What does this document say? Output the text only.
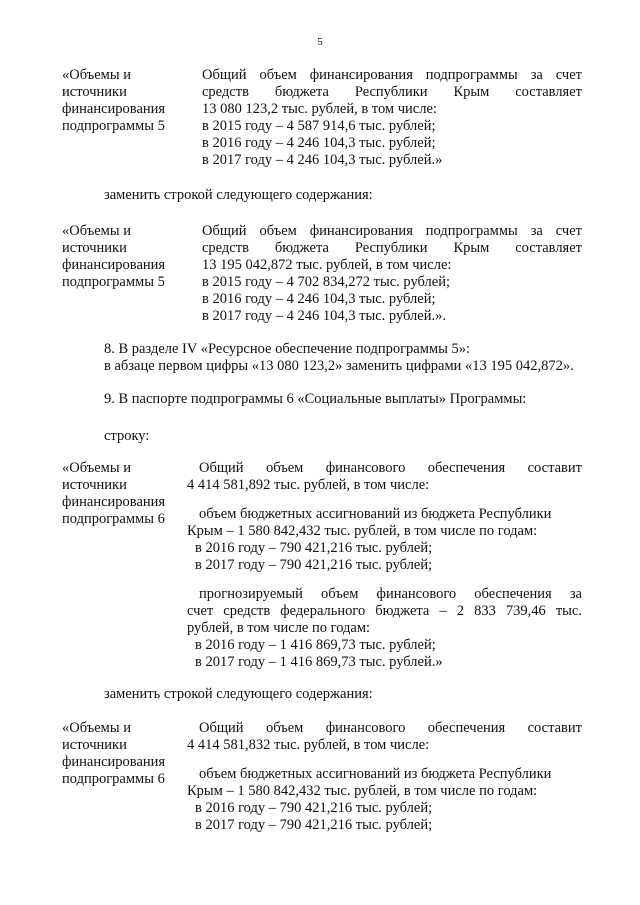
5
«Объемы и
источники
финансирования
подпрограммы 5
Общий объем финансирования подпрограммы за счет
средств бюджета Республики Крым составляет
13 080 123,2 тыс. рублей, в том числе:
в 2015 году – 4 587 914,6 тыс. рублей;
в 2016 году – 4 246 104,3 тыс. рублей;
в 2017 году – 4 246 104,3 тыс. рублей.»
заменить строкой следующего содержания:
«Объемы и
источники
финансирования
подпрограммы 5
Общий объем финансирования подпрограммы за счет
средств бюджета Республики Крым составляет
13 195 042,872 тыс. рублей, в том числе:
в 2015 году – 4 702 834,272 тыс. рублей;
в 2016 году – 4 246 104,3 тыс. рублей;
в 2017 году – 4 246 104,3 тыс. рублей.».
8. В разделе IV «Ресурсное обеспечение подпрограммы 5»:
в абзаце первом цифры «13 080 123,2» заменить цифрами «13 195 042,872».
9. В паспорте подпрограммы 6 «Социальные выплаты» Программы:
строку:
«Объемы и
источники
финансирования
подпрограммы 6
Общий объем финансового обеспечения составит
4 414 581,892 тыс. рублей, в том числе:
объем бюджетных ассигнований из бюджета Республики
Крым – 1 580 842,432 тыс. рублей, в том числе по годам:
в 2016 году – 790 421,216 тыс. рублей;
в 2017 году – 790 421,216 тыс. рублей;
прогнозируемый объем финансового обеспечения за
счет средств федерального бюджета – 2 833 739,46 тыс.
рублей, в том числе по годам:
в 2016 году – 1 416 869,73 тыс. рублей;
в 2017 году – 1 416 869,73 тыс. рублей.»
заменить строкой следующего содержания:
«Объемы и
источники
финансирования
подпрограммы 6
Общий объем финансового обеспечения составит
4 414 581,832 тыс. рублей, в том числе:
объем бюджетных ассигнований из бюджета Республики
Крым – 1 580 842,432 тыс. рублей, в том числе по годам:
в 2016 году – 790 421,216 тыс. рублей;
в 2017 году – 790 421,216 тыс. рублей;
